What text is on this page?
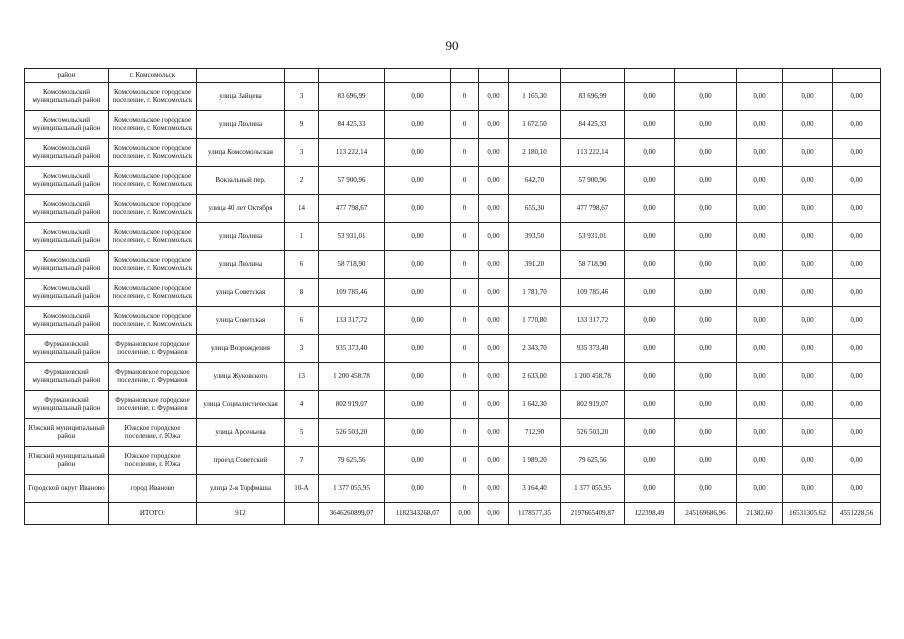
90
район	г. Комсомольск													
Комсомольский муниципальный район	Комсомольское городское поселение, г. Комсомольск	улица Зайцева	3	83 696,99	0,00	0	0,00	1 165,30	83 696,99	0,00	0,00	0,00	0,00	0,00
Комсомольский муниципальный район	Комсомольское городское поселение, г. Комсомольск	улица Люлина	9	84 425,33	0,00	0	0,00	1 672,50	84 425,33	0,00	0,00	0,00	0,00	0,00
Комсомольский муниципальный район	Комсомольское городское поселение, г. Комсомольск	улица Комсомольская	3	113 222,14	0,00	0	0,00	2 180,10	113 222,14	0,00	0,00	0,00	0,00	0,00
Комсомольский муниципальный район	Комсомольское городское поселение, г. Комсомольск	Вокзальный пер.	2	57 900,96	0,00	0	0,00	642,70	57 900,96	0,00	0,00	0,00	0,00	0,00
Комсомольский муниципальный район	Комсомольское городское поселение, г. Комсомольск	улица 40 лет Октября	14	477 798,67	0,00	0	0,00	655,30	477 798,67	0,00	0,00	0,00	0,00	0,00
Комсомольский муниципальный район	Комсомольское городское поселение, г. Комсомольск	улица Люлина	1	53 931,01	0,00	0	0,00	393,50	53 931,01	0,00	0,00	0,00	0,00	0,00
Комсомольский муниципальный район	Комсомольское городское поселение, г. Комсомольск	улица Люлина	6	58 718,90	0,00	0	0,00	391,20	58 718,90	0,00	0,00	0,00	0,00	0,00
Комсомольский муниципальный район	Комсомольское городское поселение, г. Комсомольск	улица Советская	8	109 785,46	0,00	0	0,00	1 781,70	109 785,46	0,00	0,00	0,00	0,00	0,00
Комсомольский муниципальный район	Комсомольское городское поселение, г. Комсомольск	улица Советская	6	133 317,72	0,00	0	0,00	1 770,80	133 317,72	0,00	0,00	0,00	0,00	0,00
Фурмановский муниципальный район	Фурмановское городское поселение, г. Фурманов	улица Возрождения	3	935 373,40	0,00	0	0,00	2 343,70	935 373,40	0,00	0,00	0,00	0,00	0,00
Фурмановский муниципальный район	Фурмановское городское поселение, г. Фурманов	улица Жуковского	13	1 200 458,78	0,00	0	0,00	2 633,00	1 200 458,78	0,00	0,00	0,00	0,00	0,00
Фурмановский муниципальный район	Фурмановское городское поселение, г. Фурманов	улица Социалистическая	4	802 919,07	0,00	0	0,00	1 642,30	802 919,07	0,00	0,00	0,00	0,00	0,00
Южский муниципальный район	Южское городское поселение, г. Южа	улица Арсеньева	5	526 503,20	0,00	0	0,00	712,90	526 503,20	0,00	0,00	0,00	0,00	0,00
Южский муниципальный район	Южское городское поселение, г. Южа	проезд Советский	7	79 625,56	0,00	0	0,00	1 989,20	79 625,56	0,00	0,00	0,00	0,00	0,00
Городской округ Иваново	город Иваново	улица 2-я Торфмаша	10-А	1 377 055,95	0,00	0	0,00	3 164,40	1 377 055,95	0,00	0,00	0,00	0,00	0,00
	ИТОГО:	912		3646260899,07	1182343268,07	0,00	0,00	1178577,35	2197665409,87	122398,49	245169686,96	21382,60	16531305,62	4551228,56
